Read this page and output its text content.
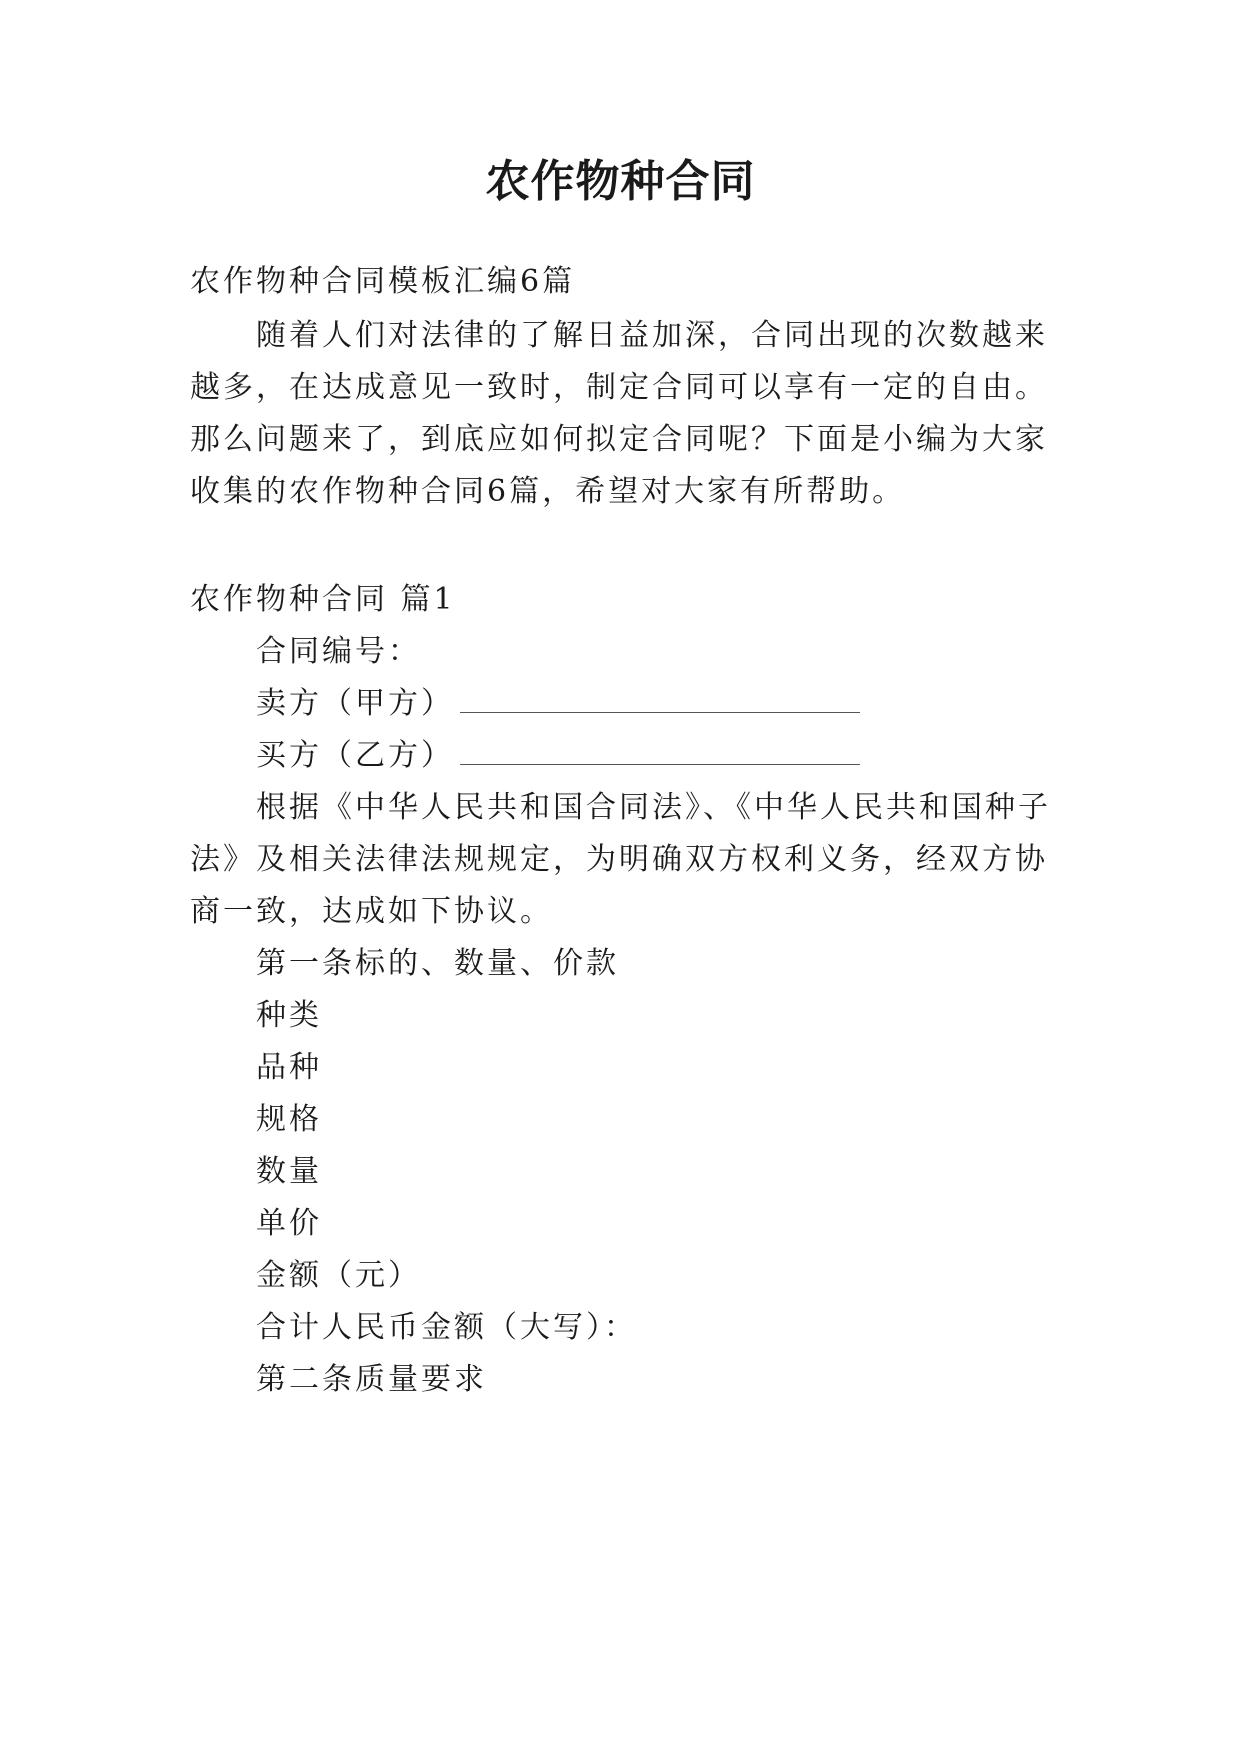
农作物种合同
农作物种合同模板汇编6篇
随着人们对法律的了解日益加深，合同出现的次数越来
越多，在达成意见一致时，制定合同可以享有一定的自由。
那么问题来了，到底应如何拟定合同呢？下面是小编为大家
收集的农作物种合同6篇，希望对大家有所帮助。
农作物种合同 篇1
合同编号：
卖方（甲方）
买方（乙方）
根据《中华人民共和国合同法》、《中华人民共和国种子
法》及相关法律法规规定，为明确双方权利义务，经双方协
商一致，达成如下协议。
第一条标的、数量、价款
种类
品种
规格
数量
单价
金额（元）
合计人民币金额（大写）：
第二条质量要求
